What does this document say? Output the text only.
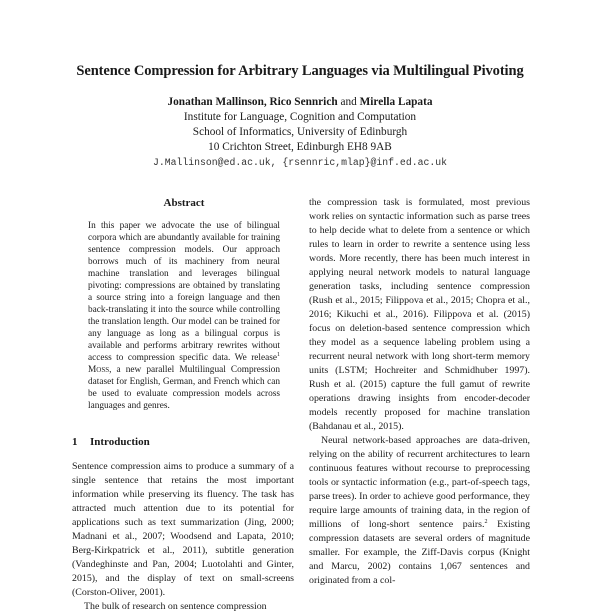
Sentence Compression for Arbitrary Languages via Multilingual Pivoting
Jonathan Mallinson, Rico Sennrich and Mirella Lapata
Institute for Language, Cognition and Computation
School of Informatics, University of Edinburgh
10 Crichton Street, Edinburgh EH8 9AB
J.Mallinson@ed.ac.uk, {rsennric,mlap}@inf.ed.ac.uk
Abstract

In this paper we advocate the use of bilingual corpora which are abundantly available for training sentence compression models. Our approach borrows much of its machinery from neural machine translation and leverages bilingual pivoting: compressions are obtained by translating a source string into a foreign language and then back-translating it into the source while controlling the translation length. Our model can be trained for any language as long as a bilingual corpus is available and performs arbitrary rewrites without access to compression specific data. We release$^1$ Moss, a new parallel Multilingual Compression dataset for English, German, and French which can be used to evaluate compression models across languages and genres.

1 Introduction

Sentence compression aims to produce a summary of a single sentence that retains the most important information while preserving its fluency. The task has attracted much attention due to its potential for applications such as text summarization (Jing, 2000; Madnani et al., 2007; Woodsend and Lapata, 2010; Berg-Kirkpatrick et al., 2011), subtitle generation (Vandeghinste and Pan, 2004; Luotolahti and Ginter, 2015), and the display of text on small-screens (Corston-Oliver, 2001).

The bulk of research on sentence compression

the compression task is formulated, most previous work relies on syntactic information such as parse trees to help decide what to delete from a sentence or which rules to learn in order to rewrite a sentence using less words. More recently, there has been much interest in applying neural network models to natural language generation tasks, including sentence compression (Rush et al., 2015; Filippova et al., 2015; Chopra et al., 2016; Kikuchi et al., 2016). Filippova et al. (2015) focus on deletion-based sentence compression which they model as a sequence labeling problem using a recurrent neural network with long short-term memory units (LSTM; Hochreiter and Schmidhuber 1997). Rush et al. (2015) capture the full gamut of rewrite operations drawing insights from encoder-decoder models recently proposed for machine translation (Bahdanau et al., 2015).

Neural network-based approaches are data-driven, relying on the ability of recurrent architectures to learn continuous features without recourse to preprocessing tools or syntactic information (e.g., part-of-speech tags, parse trees). In order to achieve good performance, they require large amounts of training data, in the region of millions of long-short sentence pairs.$^2$ Existing compression datasets are several orders of magnitude smaller. For example, the Ziff-Davis corpus (Knight and Marcu, 2002) contains 1,067 sentences and originated from a col-
